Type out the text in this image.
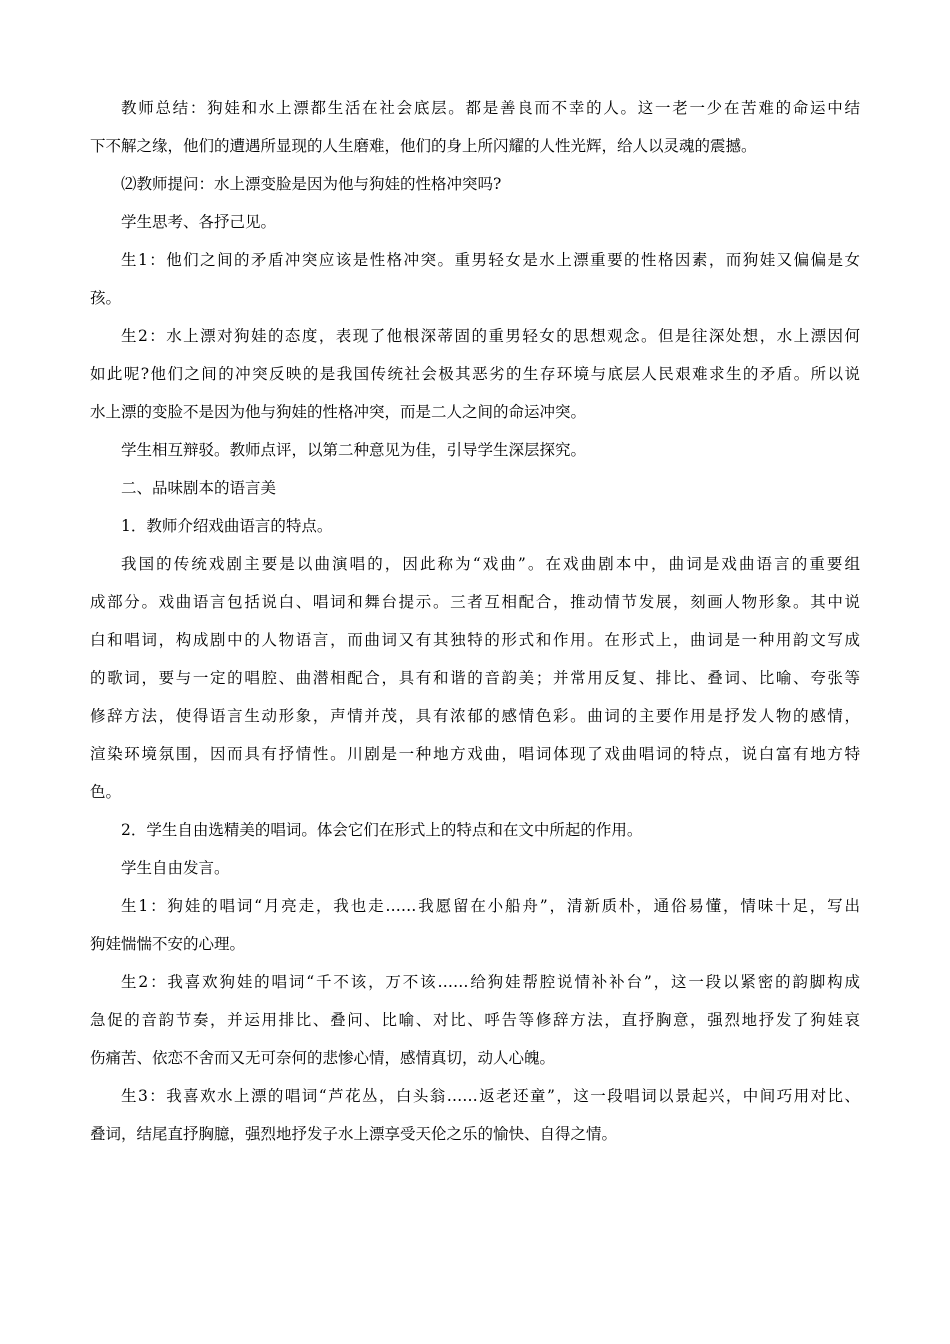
教师总结：狗娃和水上漂都生活在社会底层。都是善良而不幸的人。这一老一少在苦难的命运中结
下不解之缘，他们的遭遇所显现的人生磨难，他们的身上所闪耀的人性光辉，给人以灵魂的震撼。
⑵教师提问：水上漂变脸是因为他与狗娃的性格冲突吗?
学生思考、各抒己见。
生1：他们之间的矛盾冲突应该是性格冲突。重男轻女是水上漂重要的性格因素，而狗娃又偏偏是女
孩。
生2：水上漂对狗娃的态度，表现了他根深蒂固的重男轻女的思想观念。但是往深处想，水上漂因何
如此呢?他们之间的冲突反映的是我国传统社会极其恶劣的生存环境与底层人民艰难求生的矛盾。所以说
水上漂的变脸不是因为他与狗娃的性格冲突，而是二人之间的命运冲突。
学生相互辩驳。教师点评，以第二种意见为佳，引导学生深层探究。
二、品味剧本的语言美
1．教师介绍戏曲语言的特点。
我国的传统戏剧主要是以曲演唱的，因此称为“戏曲”。在戏曲剧本中，曲词是戏曲语言的重要组
成部分。戏曲语言包括说白、唱词和舞台提示。三者互相配合，推动情节发展，刻画人物形象。其中说
白和唱词，构成剧中的人物语言，而曲词又有其独特的形式和作用。在形式上，曲词是一种用韵文写成
的歌词，要与一定的唱腔、曲潜相配合，具有和谐的音韵美；并常用反复、排比、叠词、比喻、夸张等
修辞方法，使得语言生动形象，声情并茂，具有浓郁的感情色彩。曲词的主要作用是抒发人物的感情，
渲染环境氛围，因而具有抒情性。川剧是一种地方戏曲，唱词体现了戏曲唱词的特点，说白富有地方特
色。
2．学生自由选精美的唱词。体会它们在形式上的特点和在文中所起的作用。
学生自由发言。
生1：狗娃的唱词“月亮走，我也走……我愿留在小船舟”，清新质朴，通俗易懂，情味十足，写出
狗娃惴惴不安的心理。
生2：我喜欢狗娃的唱词“千不该，万不该……给狗娃帮腔说情补补台”，这一段以紧密的韵脚构成
急促的音韵节奏，并运用排比、叠问、比喻、对比、呼告等修辞方法，直抒胸意，强烈地抒发了狗娃哀
伤痛苦、依恋不舍而又无可奈何的悲惨心情，感情真切，动人心魄。
生3：我喜欢水上漂的唱词“芦花丛，白头翁……返老还童”，这一段唱词以景起兴，中间巧用对比、
叠词，结尾直抒胸臆，强烈地抒发子水上漂享受天伦之乐的愉快、自得之情。
